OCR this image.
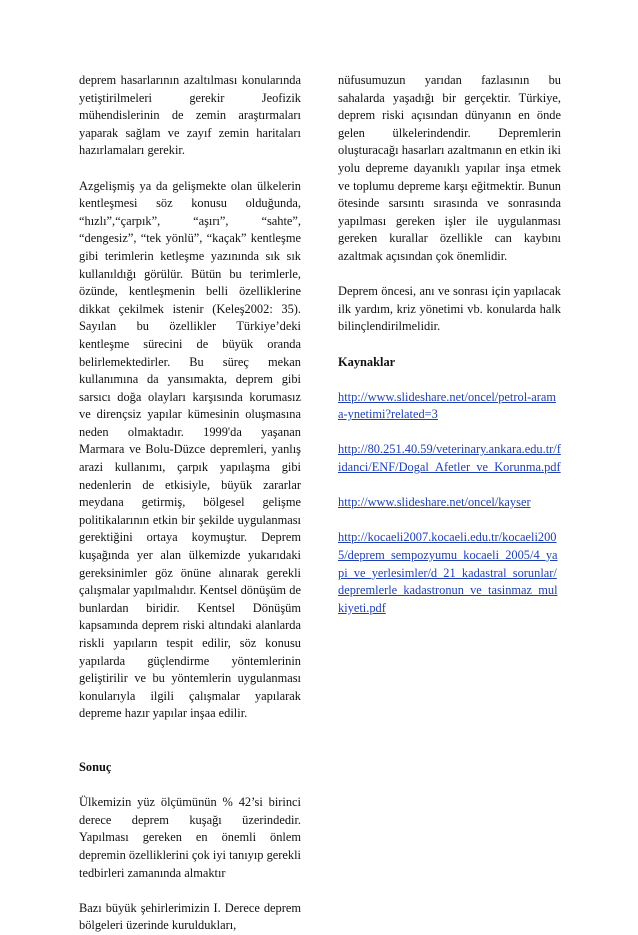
deprem hasarlarının azaltılması konularında yetiştirilmeleri gerekir Jeofizik mühendislerinin de zemin araştırmaları yaparak sağlam ve zayıf zemin haritaları hazırlamaları gerekir.

Azgelişmiş ya da gelişmekte olan ülkelerin kentleşmesi söz konusu olduğunda, “hızlı”,“çarpık”, “aşırı”, “sahte”, “dengesiz”, “tek yönlü”, “kaçak” kentleşme gibi terimlerin ketleşme yazınında sık sık kullanıldığı görülür. Bütün bu terimlerle, özünde, kentleşmenin belli özelliklerine dikkat çekilmek istenir (Keleş2002: 35). Sayılan bu özellikler Türkiye’deki kentleşme sürecini de büyük oranda belirlemektedirler. Bu süreç mekan kullanımına da yansımakta, deprem gibi sarsıcı doğa olayları karşısında korumasız ve dirençsiz yapılar kümesinin oluşmasına neden olmaktadır. 1999'da yaşanan Marmara ve Bolu-Düzce depremleri, yanlış arazi kullanımı, çarpık yapılaşma gibi nedenlerin de etkisiyle, büyük zararlar meydana getirmiş, bölgesel gelişme politikalarının etkin bir şekilde uygulanması gerektiğini ortaya koymuştur. Deprem kuşağında yer alan ülkemizde yukarıdaki gereksinimler göz önüne alınarak gerekli çalışmalar yapılmalıdır. Kentsel dönüşüm de bunlardan biridir. Kentsel Dönüşüm kapsamında deprem riski altındaki alanlarda riskli yapıların tespit edilir, söz konusu yapılarda güçlendirme yöntemlerinin geliştirilir ve bu yöntemlerin uygulanması konularıyla ilgili çalışmalar yapılarak depreme hazır yapılar inşaa edilir.

Sonuç

Ülkemizin yüz ölçümünün % 42’si birinci derece deprem kuşağı üzerindedir. Yapılması gereken en önemli önlem depremin özelliklerini çok iyi tanıyıp gerekli tedbirleri zamanında almaktır

Bazı büyük şehirlerimizin I. Derece deprem bölgeleri üzerinde kuruldukları,

nüfusumuzun yarıdan fazlasının bu sahalarda yaşadığı bir gerçektir. Türkiye, deprem riski açısından dünyanın en önde gelen ülkelerindendir. Depremlerin oluşturacağı hasarları azaltmanın en etkin iki yolu depreme dayanıklı yapılar inşa etmek ve toplumu depreme karşı eğitmektir. Bunun ötesinde sarsıntı sırasında ve sonrasında yapılması gereken işler ile uygulanması gereken kurallar özellikle can kaybını azaltmak açısından çok önemlidir.

Deprem öncesi, anı ve sonrası için yapılacak ilk yardım, kriz yönetimi vb. konularda halk bilinçlendirilmelidir.

Kaynaklar
http://www.slideshare.net/oncel/petrol-arama-ynetimi?related=3
http://80.251.40.59/veterinary.ankara.edu.tr/fidanci/ENF/Dogal_Afetler_ve_Korunma.pdf
http://www.slideshare.net/oncel/kayser
http://kocaeli2007.kocaeli.edu.tr/kocaeli2005/deprem_sempozyumu_kocaeli_2005/4_yapi_ve_yerlesimler/d_21_kadastral_sorunlar/depremlerle_kadastronun_ve_tasinmaz_mulkiyeti.pdf
